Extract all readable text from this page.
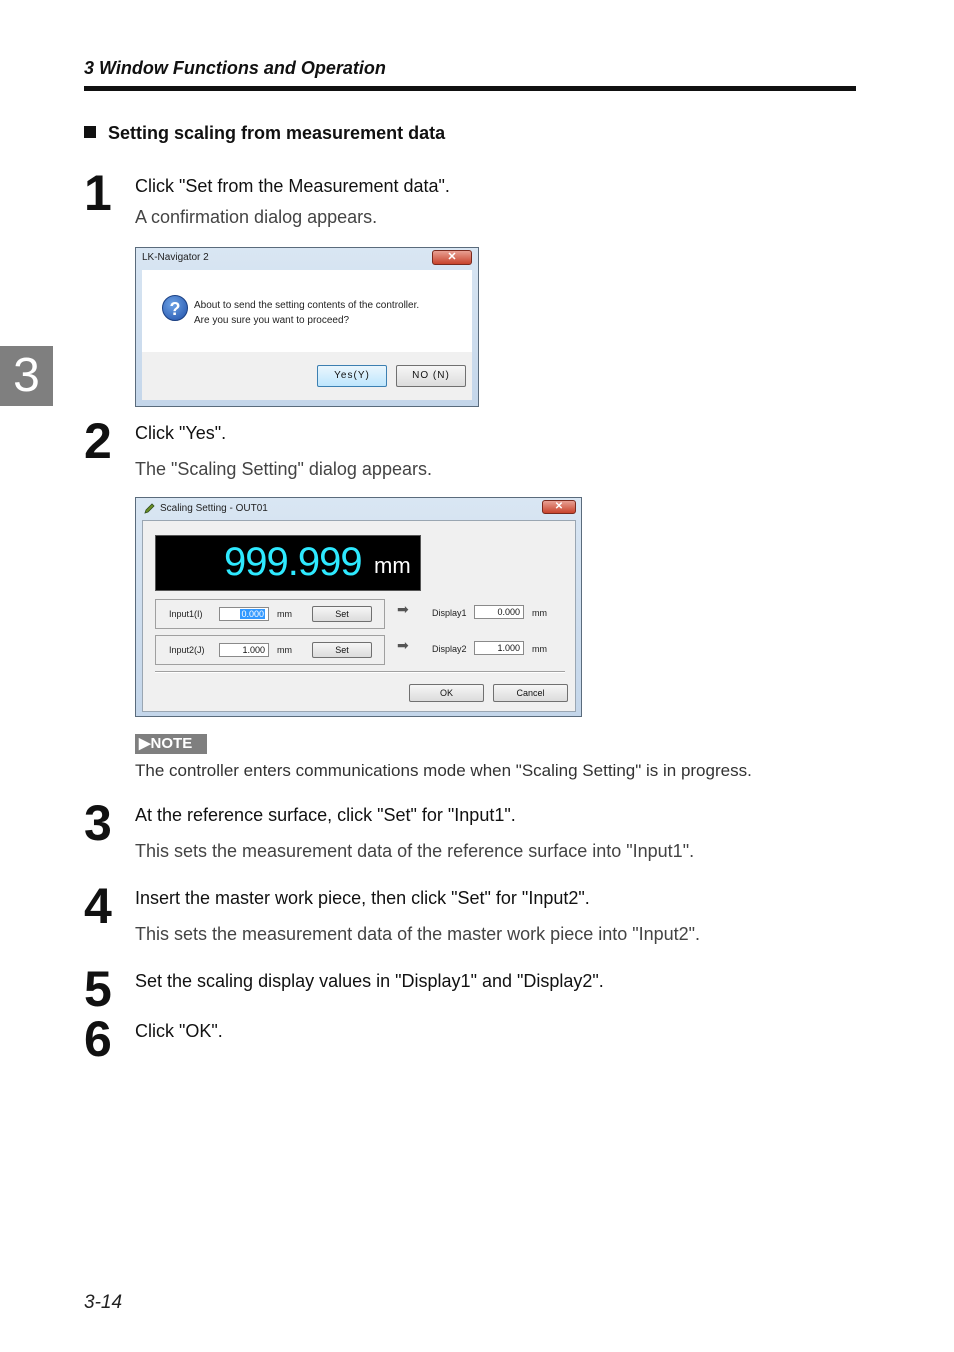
3 Window Functions and Operation
3
Setting scaling from measurement data
1 Click "Set from the Measurement data".
A confirmation dialog appears.
LK-Navigator 2	✕
?	About to send the setting contents of the controller.
Are you sure you want to proceed?
Yes(Y)	NO (N)
2 Click "Yes".
The "Scaling Setting" dialog appears.
Scaling Setting - OUT01	✕
999.999 mm
Input1(I)	0.000	mm	Set	➡	Display1	0.000	mm
Input2(J)	1.000	mm	Set	➡	Display2	1.000	mm
OK	Cancel
▶NOTE
The controller enters communications mode when "Scaling Setting" is in progress.
3 At the reference surface, click "Set" for "Input1".
This sets the measurement data of the reference surface into "Input1".
4 Insert the master work piece, then click "Set" for "Input2".
This sets the measurement data of the master work piece into "Input2".
5 Set the scaling display values in "Display1" and "Display2".
6 Click "OK".
3-14
